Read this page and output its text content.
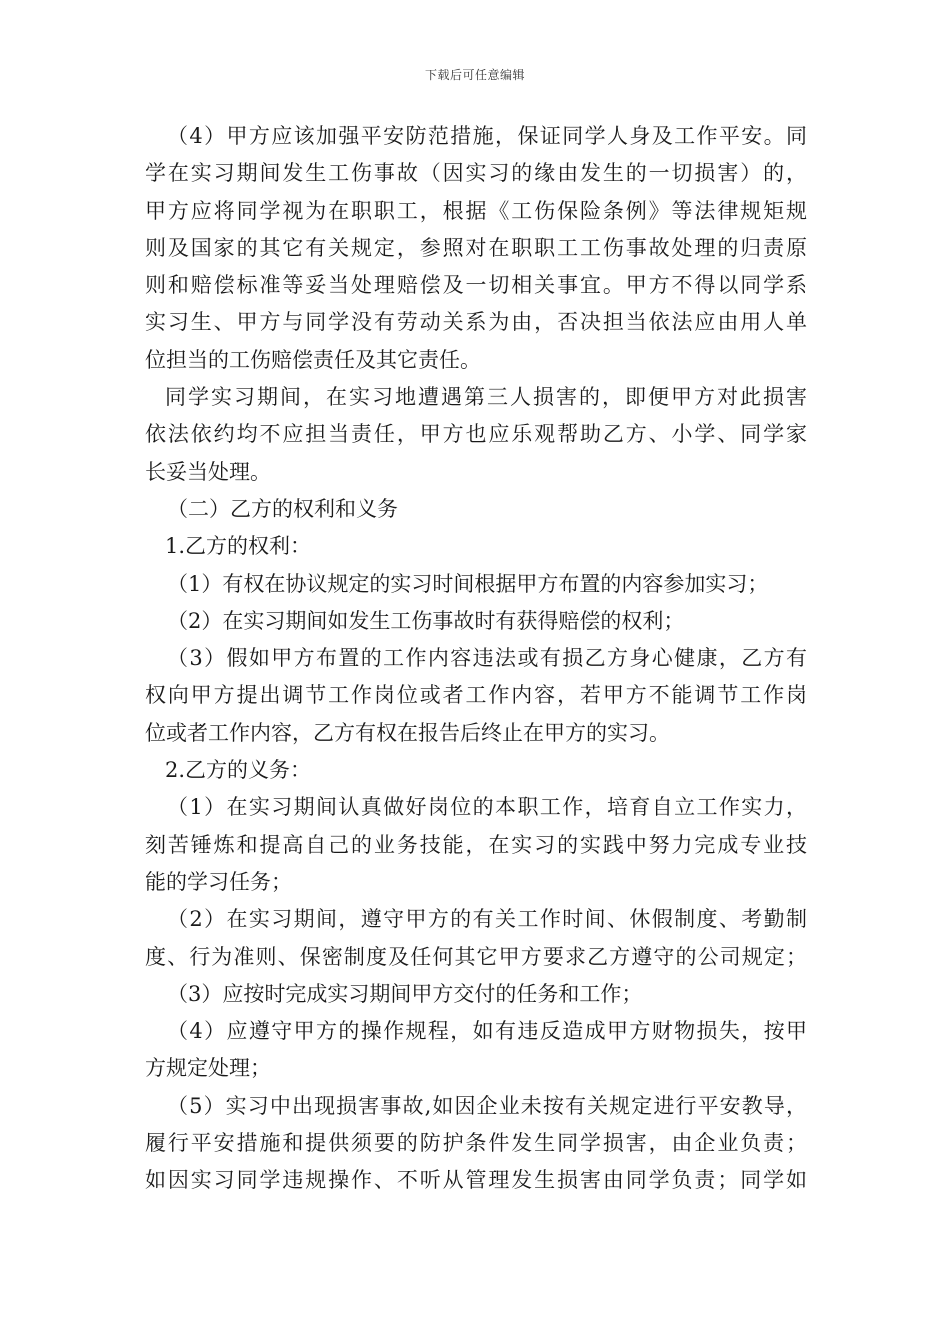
下载后可任意编辑
（4）甲方应该加强平安防范措施，保证同学人身及工作平安。同
学在实习期间发生工伤事故（因实习的缘由发生的一切损害）的，
甲方应将同学视为在职职工，根据《工伤保险条例》等法律规矩规
则及国家的其它有关规定，参照对在职职工工伤事故处理的归责原
则和赔偿标准等妥当处理赔偿及一切相关事宜。甲方不得以同学系
实习生、甲方与同学没有劳动关系为由，否决担当依法应由用人单
位担当的工伤赔偿责任及其它责任。
同学实习期间，在实习地遭遇第三人损害的，即便甲方对此损害
依法依约均不应担当责任，甲方也应乐观帮助乙方、小学、同学家
长妥当处理。
（二）乙方的权利和义务
1.乙方的权利：
（1）有权在协议规定的实习时间根据甲方布置的内容参加实习；
（2）在实习期间如发生工伤事故时有获得赔偿的权利；
（3）假如甲方布置的工作内容违法或有损乙方身心健康，乙方有
权向甲方提出调节工作岗位或者工作内容，若甲方不能调节工作岗
位或者工作内容，乙方有权在报告后终止在甲方的实习。
2.乙方的义务：
（1）在实习期间认真做好岗位的本职工作，培育自立工作实力，
刻苦锤炼和提高自己的业务技能，在实习的实践中努力完成专业技
能的学习任务；
（2）在实习期间，遵守甲方的有关工作时间、休假制度、考勤制
度、行为准则、保密制度及任何其它甲方要求乙方遵守的公司规定；
（3）应按时完成实习期间甲方交付的任务和工作；
（4）应遵守甲方的操作规程，如有违反造成甲方财物损失，按甲
方规定处理；
（5）实习中出现损害事故,如因企业未按有关规定进行平安教导，
履行平安措施和提供须要的防护条件发生同学损害，由企业负责；
如因实习同学违规操作、不听从管理发生损害由同学负责；同学如
